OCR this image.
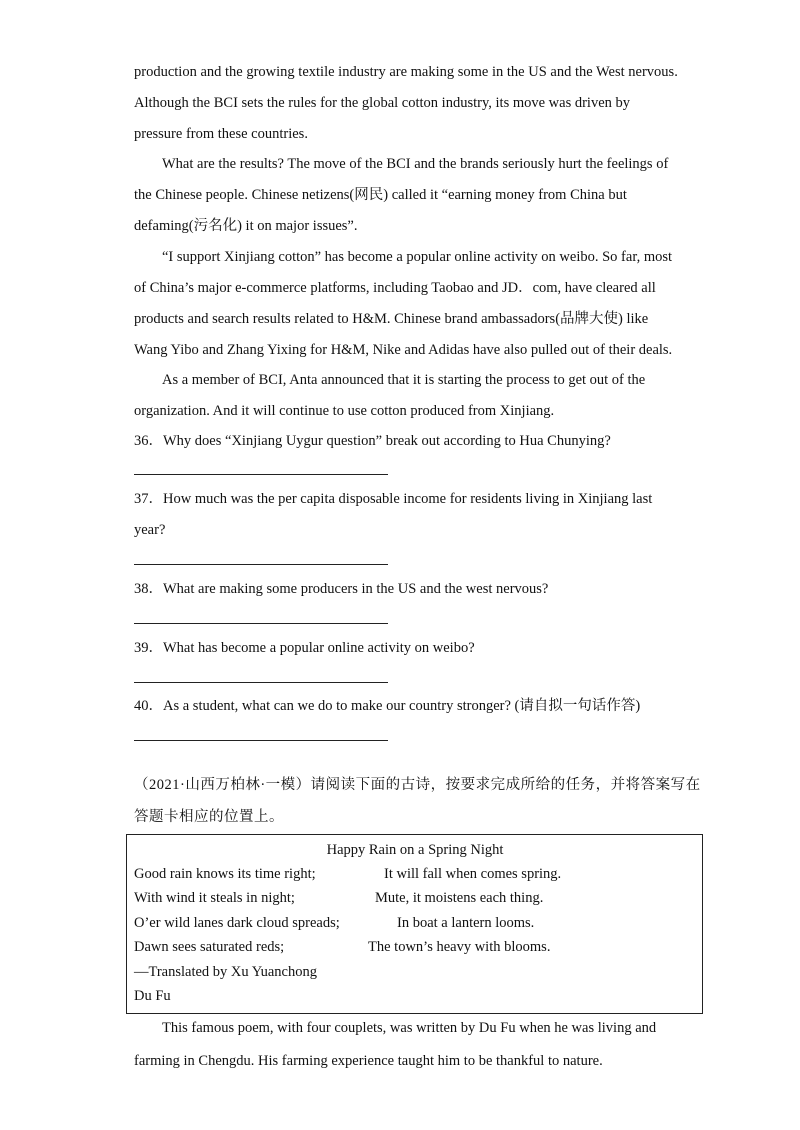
production and the growing textile industry are making some in the US and the West nervous.
Although the BCI sets the rules for the global cotton industry, its move was driven by
pressure from these countries.
What are the results? The move of the BCI and the brands seriously hurt the feelings of
the Chinese people. Chinese netizens(网民) called it “earning money from China but
defaming(污名化) it on major issues”.
“I support Xinjiang cotton” has become a popular online activity on weibo. So far, most
of China’s major e-commerce platforms, including Taobao and JD．com, have cleared all
products and search results related to H&M. Chinese brand ambassadors(品牌大使) like
Wang Yibo and Zhang Yixing for H&M, Nike and Adidas have also pulled out of their deals.
As a member of BCI, Anta announced that it is starting the process to get out of the
organization. And it will continue to use cotton produced from Xinjiang.
36．Why does “Xinjiang Uygur question” break out according to Hua Chunying?
37．How much was the per capita disposable income for residents living in Xinjiang last
year?
38．What are making some producers in the US and the west nervous?
39．What has become a popular online activity on weibo?
40．As a student, what can we do to make our country stronger? (请自拟一句话作答)
（2021·山西万柏林·一模）请阅读下面的古诗，按要求完成所给的任务，并将答案写在
答题卡相应的位置上。
Happy Rain on a Spring Night
Good rain knows its time right;	It will fall when comes spring.
With wind it steals in night;	Mute, it moistens each thing.
O’er wild lanes dark cloud spreads;	In boat a lantern looms.
Dawn sees saturated reds;	The town’s heavy with blooms.
—Translated by Xu Yuanchong
Du Fu
This famous poem, with four couplets, was written by Du Fu when he was living and
farming in Chengdu. His farming experience taught him to be thankful to nature.
